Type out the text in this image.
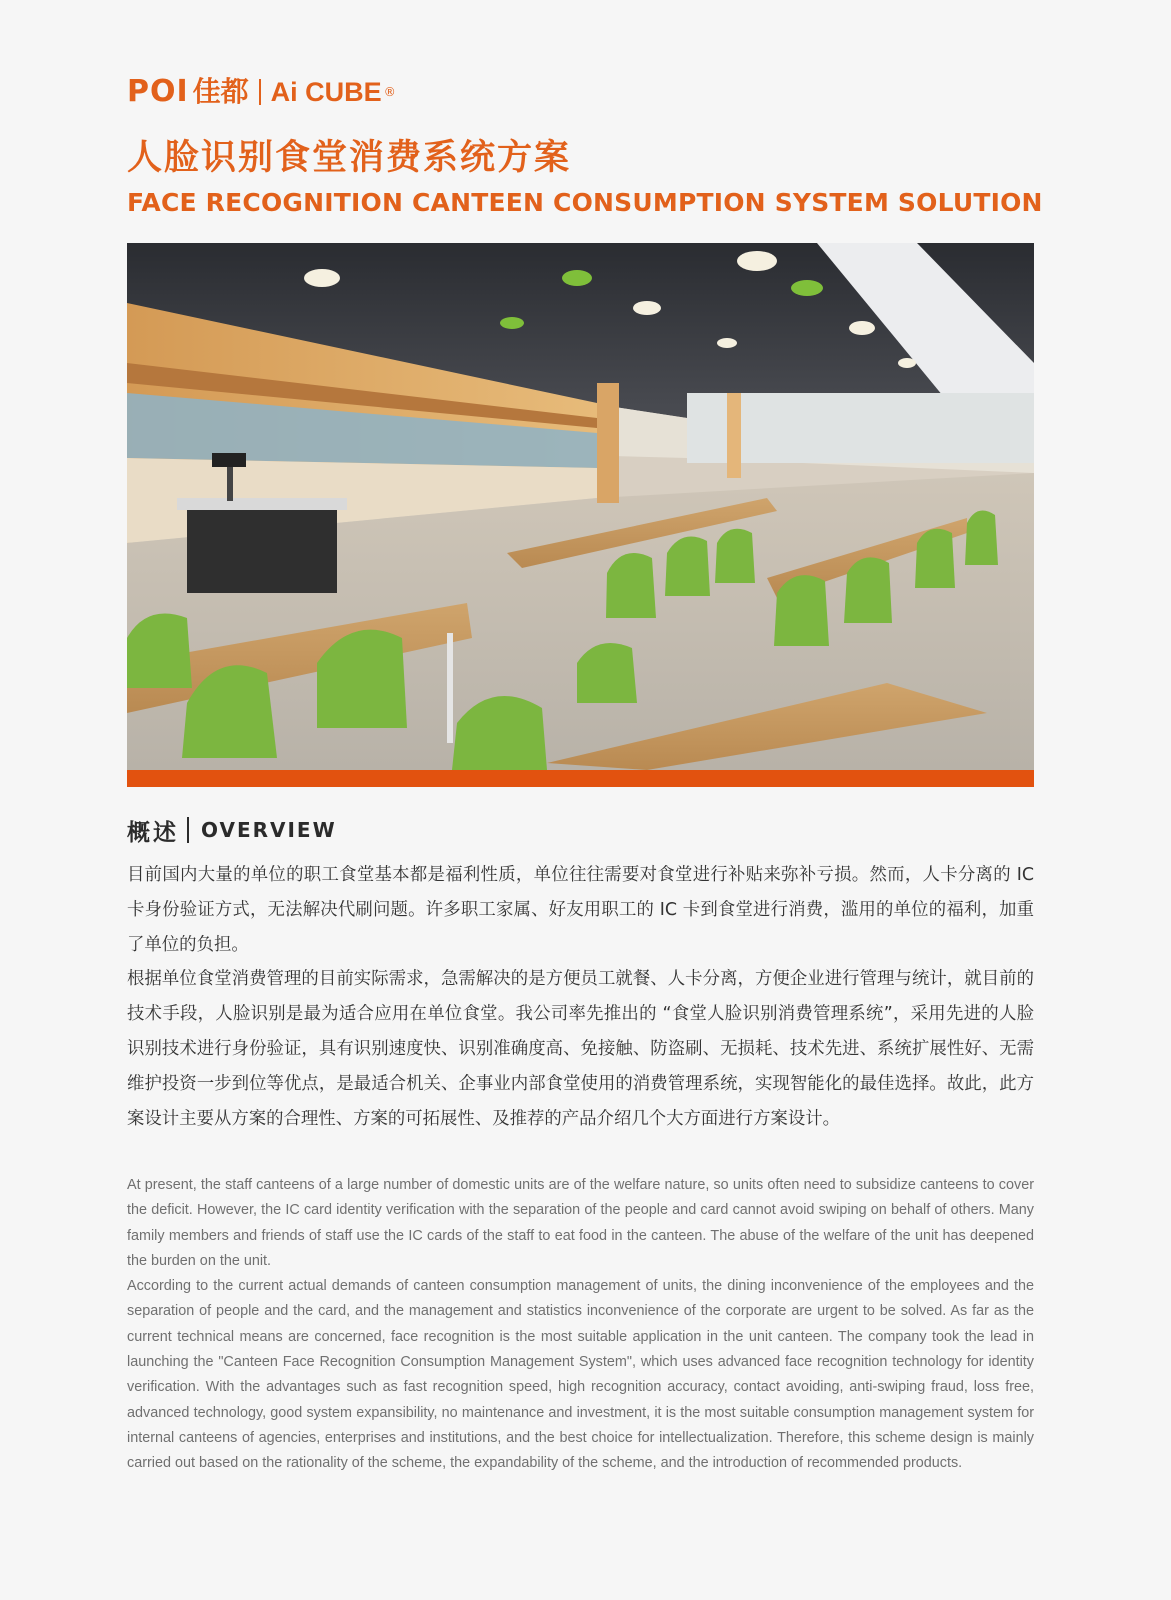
POI 佳都 Ai CUBE ®
人脸识别食堂消费系统方案
FACE RECOGNITION CANTEEN CONSUMPTION SYSTEM SOLUTION
概述 OVERVIEW

目前国内大量的单位的职工食堂基本都是福利性质，单位往往需要对食堂进行补贴来弥补亏损。然而，人卡分离的 IC 卡身份验证方式，无法解决代刷问题。许多职工家属、好友用职工的 IC 卡到食堂进行消费，滥用的单位的福利，加重了单位的负担。

根据单位食堂消费管理的目前实际需求，急需解决的是方便员工就餐、人卡分离，方便企业进行管理与统计，就目前的技术手段，人脸识别是最为适合应用在单位食堂。我公司率先推出的 “食堂人脸识别消费管理系统”，采用先进的人脸识别技术进行身份验证，具有识别速度快、识别准确度高、免接触、防盗刷、无损耗、技术先进、系统扩展性好、无需维护投资一步到位等优点，是最适合机关、企事业内部食堂使用的消费管理系统，实现智能化的最佳选择。故此，此方案设计主要从方案的合理性、方案的可拓展性、及推荐的产品介绍几个大方面进行方案设计。

At present, the staff canteens of a large number of domestic units are of the welfare nature, so units often need to subsidize canteens to cover the deficit. However, the IC card identity verification with the separation of the people and card cannot avoid swiping on behalf of others. Many family members and friends of staff use the IC cards of the staff to eat food in the canteen. The abuse of the welfare of the unit has deepened the burden on the unit.

According to the current actual demands of canteen consumption management of units, the dining inconvenience of the employees and the separation of people and the card, and the management and statistics inconvenience of the corporate are urgent to be solved. As far as the current technical means are concerned, face recognition is the most suitable application in the unit canteen. The company took the lead in launching the "Canteen Face Recognition Consumption Management System", which uses advanced face recognition technology for identity verification. With the advantages such as fast recognition speed, high recognition accuracy, contact avoiding, anti-swiping fraud, loss free, advanced technology, good system expansibility, no maintenance and investment, it is the most suitable consumption management system for internal canteens of agencies, enterprises and institutions, and the best choice for intellectualization. Therefore, this scheme design is mainly carried out based on the rationality of the scheme, the expandability of the scheme, and the introduction of recommended products.
